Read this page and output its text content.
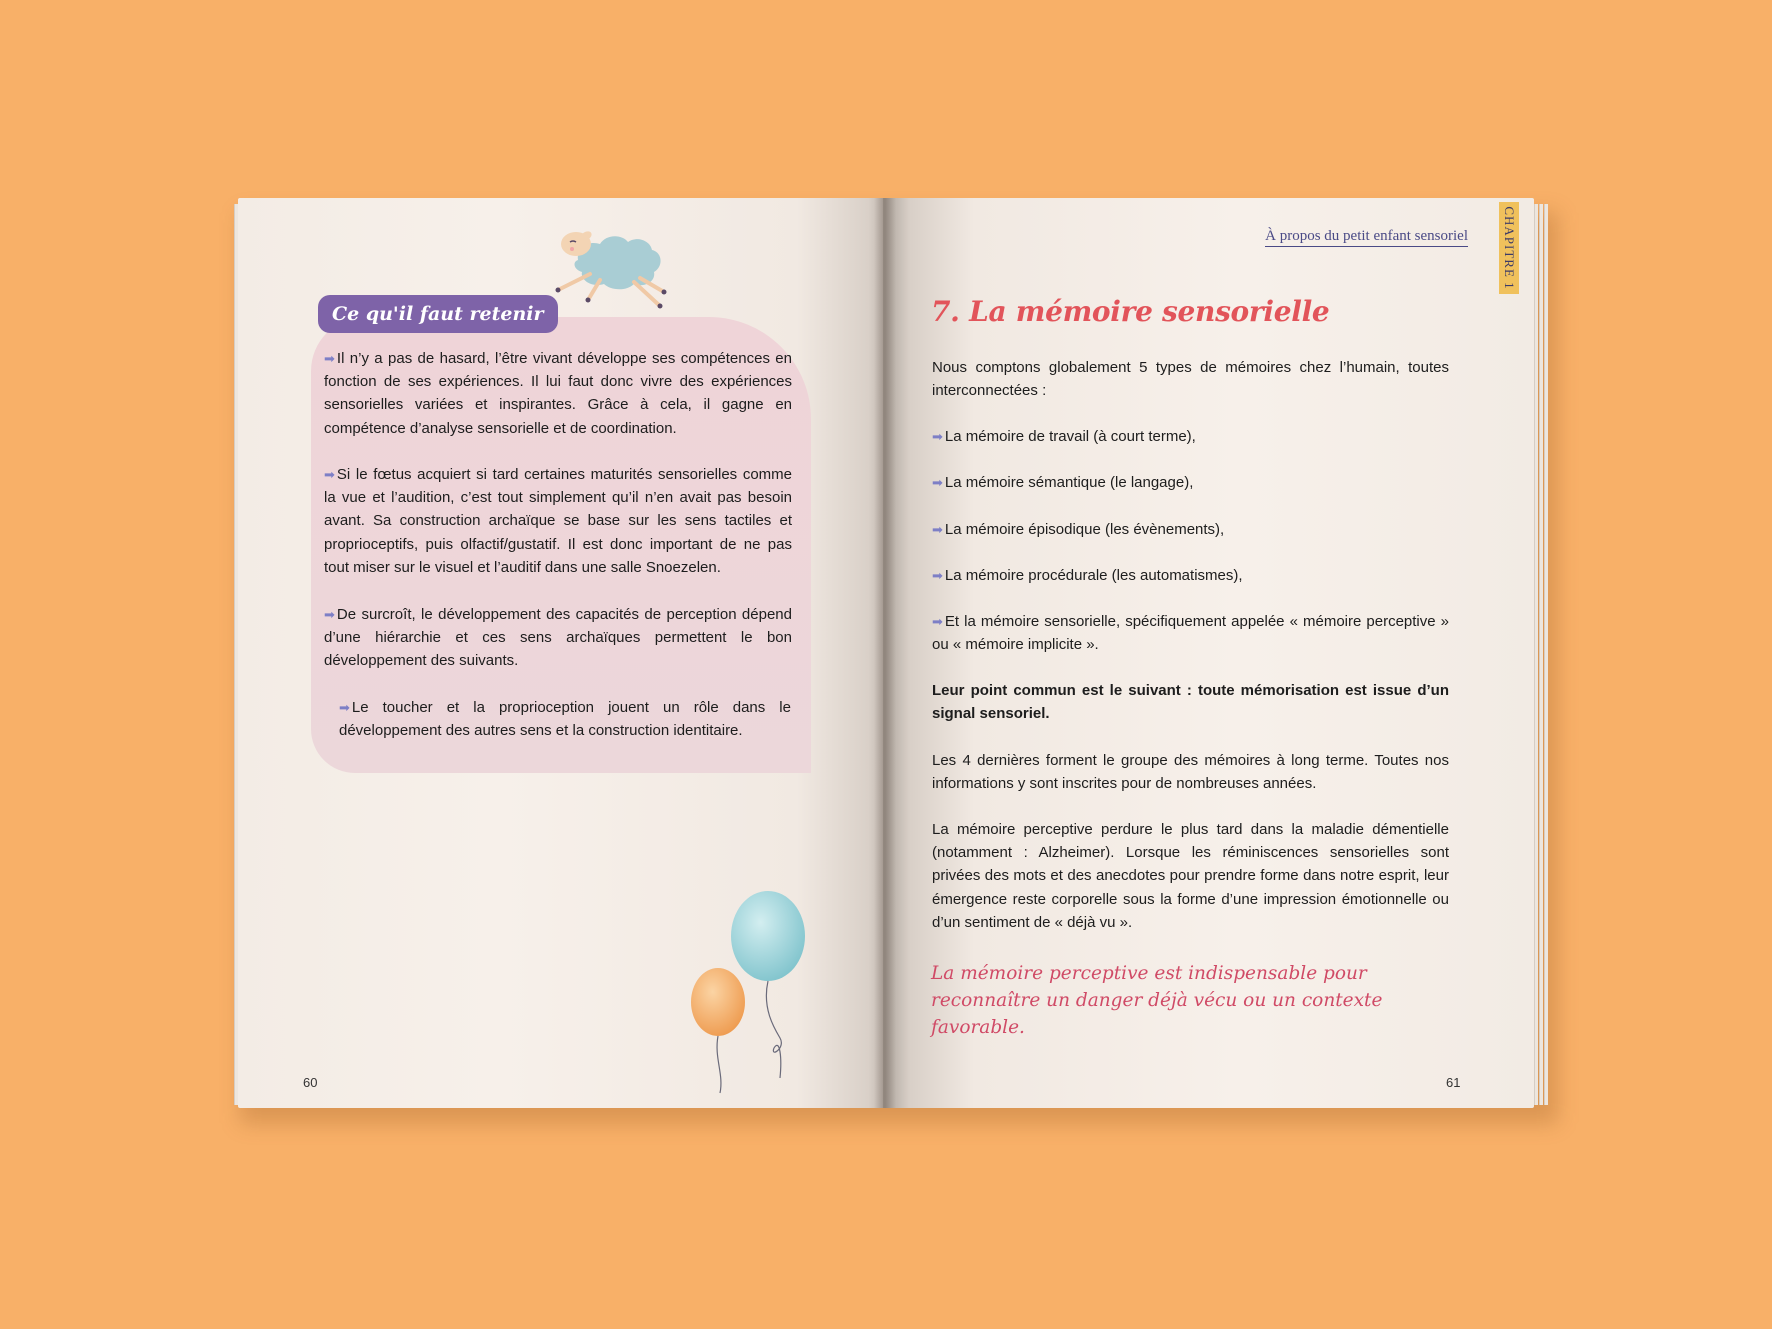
Ce qu'il faut retenir
➡ Il n’y a pas de hasard, l’être vivant développe ses compétences en fonction de ses expériences. Il lui faut donc vivre des expériences sensorielles variées et inspirantes. Grâce à cela, il gagne en compétence d’analyse sensorielle et de coordination.
➡ Si le fœtus acquiert si tard certaines maturités sensorielles comme la vue et l’audition, c’est tout simplement qu’il n’en avait pas besoin avant. Sa construction archaïque se base sur les sens tactiles et proprioceptifs, puis olfactif/gustatif. Il est donc important de ne pas tout miser sur le visuel et l’auditif dans une salle Snoezelen.
➡ De surcroît, le développement des capacités de perception dépend d’une hiérarchie et ces sens archaïques permettent le bon développement des suivants.
➡ Le toucher et la proprioception jouent un rôle dans le développement des autres sens et la construction identitaire.
60
À propos du petit enfant sensoriel
7. La mémoire sensorielle
Nous comptons globalement 5 types de mémoires chez l’humain, toutes interconnectées :
➡ La mémoire de travail (à court terme),
➡ La mémoire sémantique (le langage),
➡ La mémoire épisodique (les évènements),
➡ La mémoire procédurale (les automatismes),
➡ Et la mémoire sensorielle, spécifiquement appelée « mémoire perceptive » ou « mémoire implicite ».
Leur point commun est le suivant : toute mémorisation est issue d’un signal sensoriel.
Les 4 dernières forment le groupe des mémoires à long terme. Toutes nos informations y sont inscrites pour de nombreuses années.
La mémoire perceptive perdure le plus tard dans la maladie démentielle (notamment : Alzheimer). Lorsque les réminiscences sensorielles sont privées des mots et des anecdotes pour prendre forme dans notre esprit, leur émergence reste corporelle sous la forme d’une impression émotionnelle ou d’un sentiment de « déjà vu ».
La mémoire perceptive est indispensable pour reconnaître un danger déjà vécu ou un contexte favorable.
61
CHAPITRE 1
